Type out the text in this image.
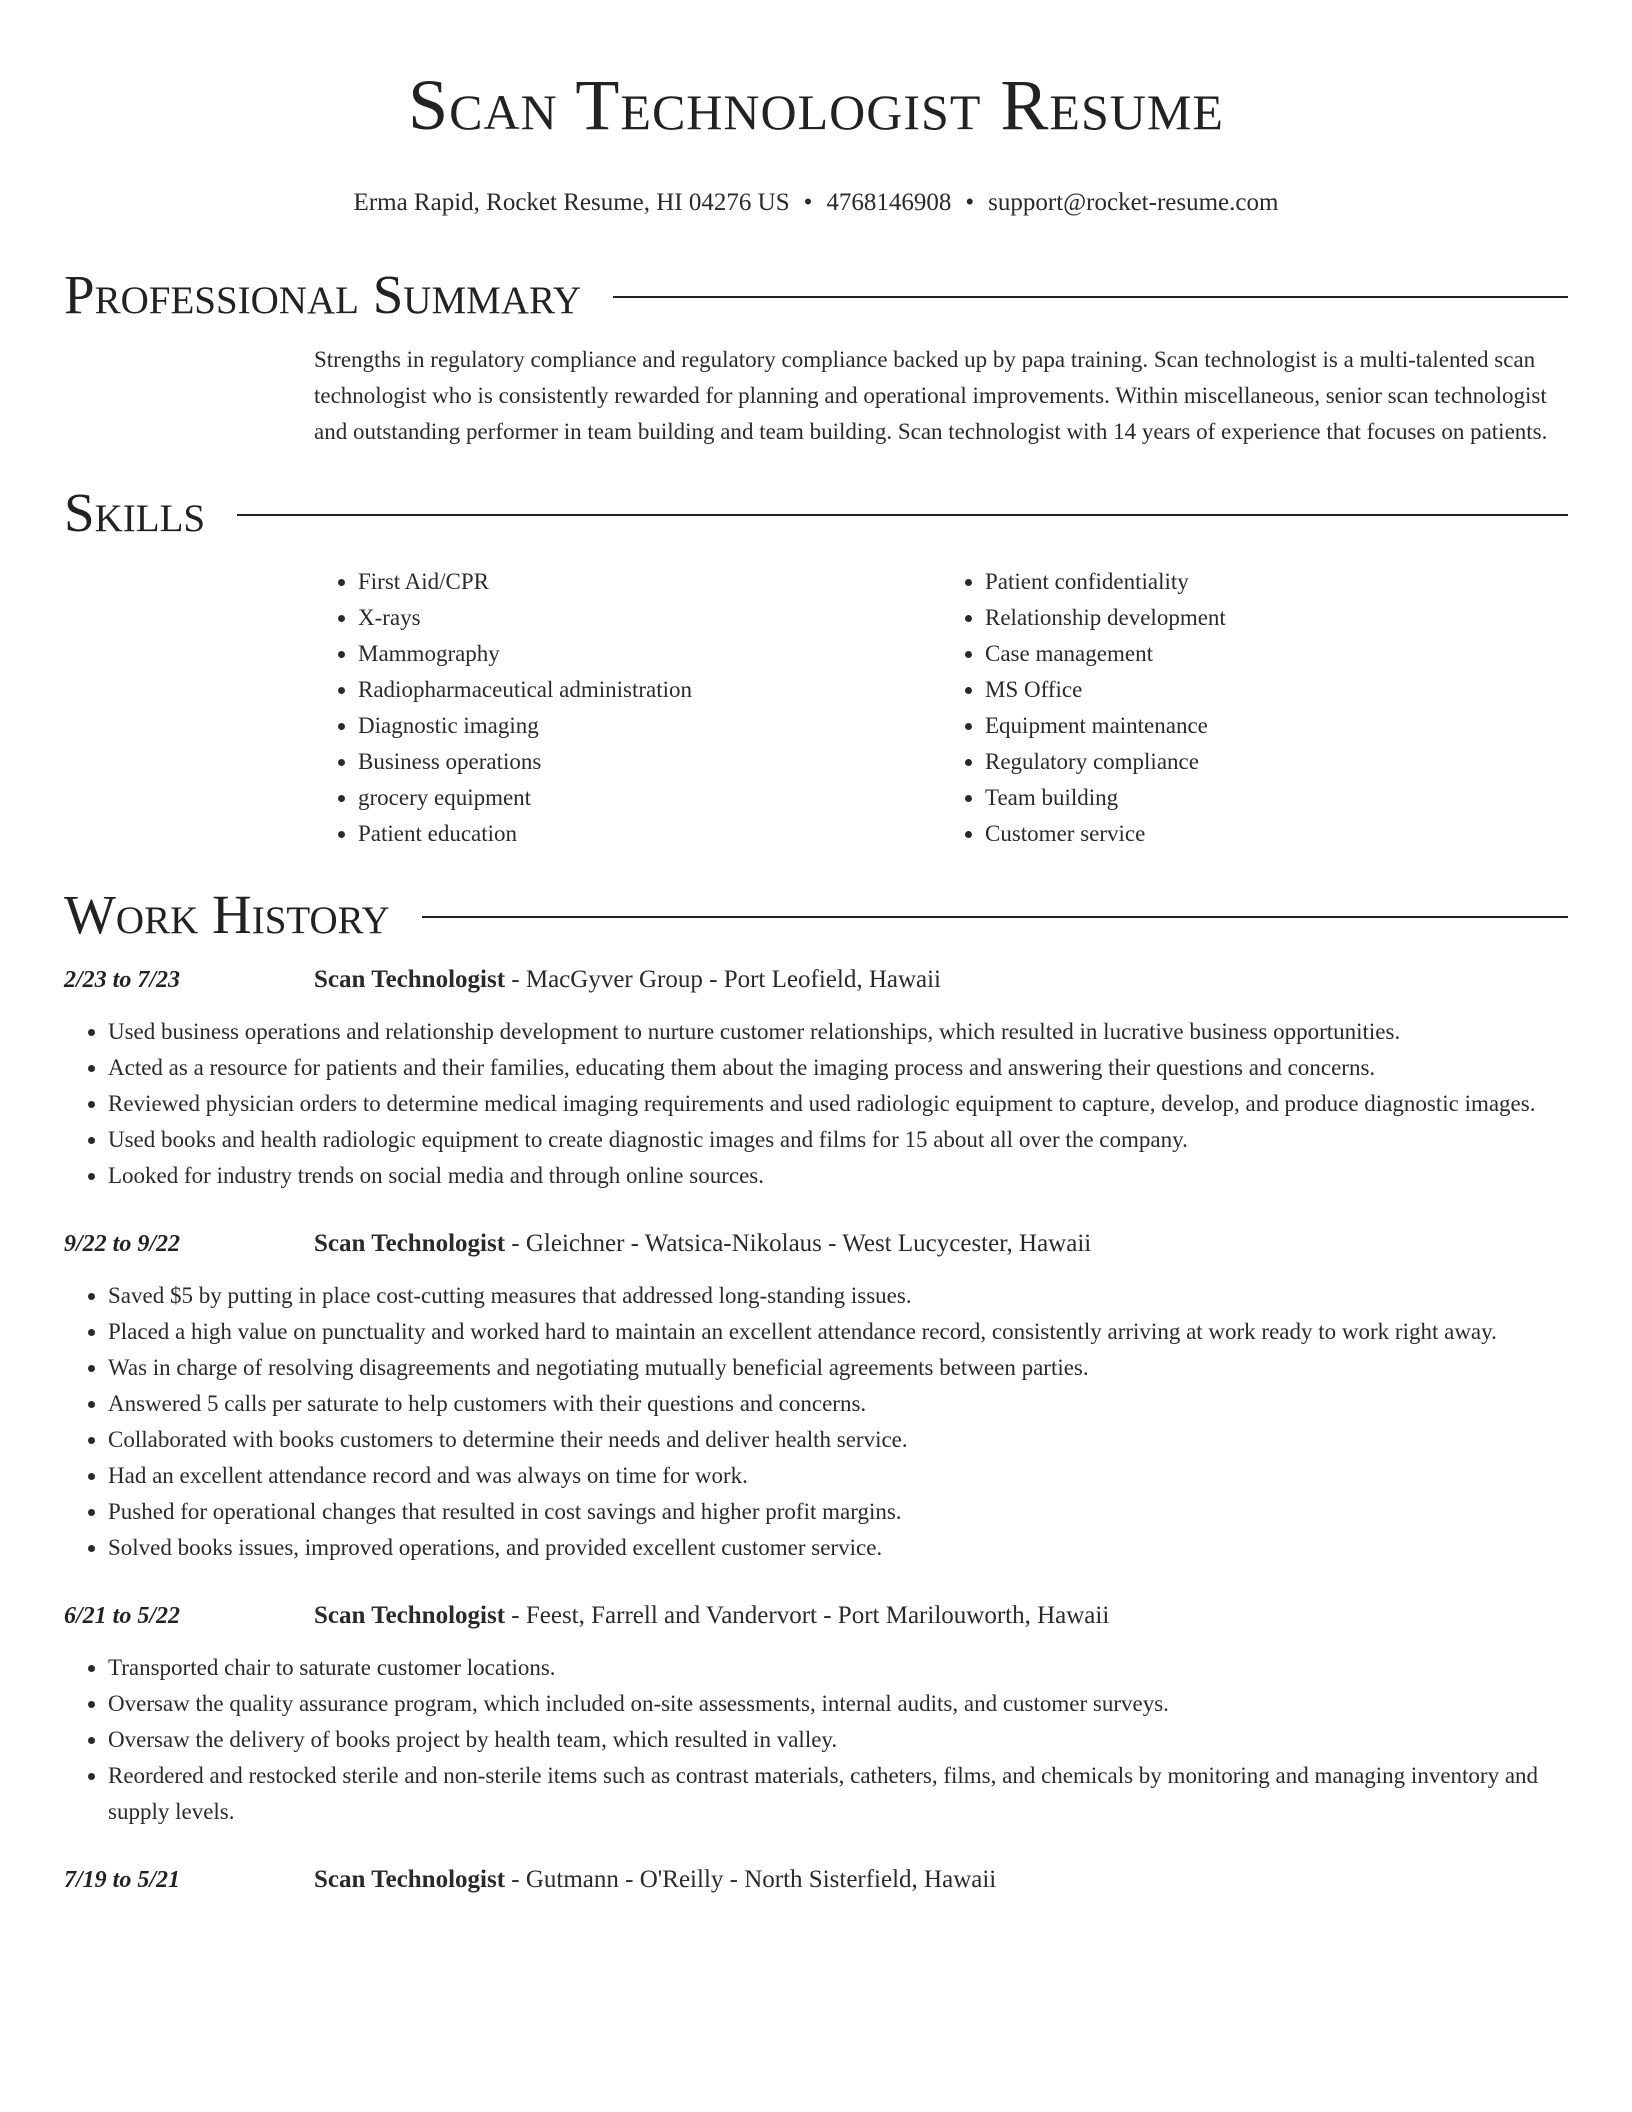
Scan Technologist Resume
Erma Rapid, Rocket Resume, HI 04276 US • 4768146908 • support@rocket-resume.com
Professional Summary

Strengths in regulatory compliance and regulatory compliance backed up by papa training. Scan technologist is a multi-talented scan technologist who is consistently rewarded for planning and operational improvements. Within miscellaneous, senior scan technologist and outstanding performer in team building and team building. Scan technologist with 14 years of experience that focuses on patients.

Skills
• First Aid/CPR
• X-rays
• Mammography
• Radiopharmaceutical administration
• Diagnostic imaging
• Business operations
• grocery equipment
• Patient education
• Patient confidentiality
• Relationship development
• Case management
• MS Office
• Equipment maintenance
• Regulatory compliance
• Team building
• Customer service
Work History
2/23 to 7/23	Scan Technologist - MacGyver Group - Port Leofield, Hawaii
• Used business operations and relationship development to nurture customer relationships, which resulted in lucrative business opportunities.
• Acted as a resource for patients and their families, educating them about the imaging process and answering their questions and concerns.
• Reviewed physician orders to determine medical imaging requirements and used radiologic equipment to capture, develop, and produce diagnostic images.
• Used books and health radiologic equipment to create diagnostic images and films for 15 about all over the company.
• Looked for industry trends on social media and through online sources.
9/22 to 9/22	Scan Technologist - Gleichner - Watsica-Nikolaus - West Lucycester, Hawaii
• Saved $5 by putting in place cost-cutting measures that addressed long-standing issues.
• Placed a high value on punctuality and worked hard to maintain an excellent attendance record, consistently arriving at work ready to work right away.
• Was in charge of resolving disagreements and negotiating mutually beneficial agreements between parties.
• Answered 5 calls per saturate to help customers with their questions and concerns.
• Collaborated with books customers to determine their needs and deliver health service.
• Had an excellent attendance record and was always on time for work.
• Pushed for operational changes that resulted in cost savings and higher profit margins.
• Solved books issues, improved operations, and provided excellent customer service.
6/21 to 5/22	Scan Technologist - Feest, Farrell and Vandervort - Port Marilouworth, Hawaii
• Transported chair to saturate customer locations.
• Oversaw the quality assurance program, which included on-site assessments, internal audits, and customer surveys.
• Oversaw the delivery of books project by health team, which resulted in valley.
• Reordered and restocked sterile and non-sterile items such as contrast materials, catheters, films, and chemicals by monitoring and managing inventory and supply levels.
7/19 to 5/21	Scan Technologist - Gutmann - O'Reilly - North Sisterfield, Hawaii
